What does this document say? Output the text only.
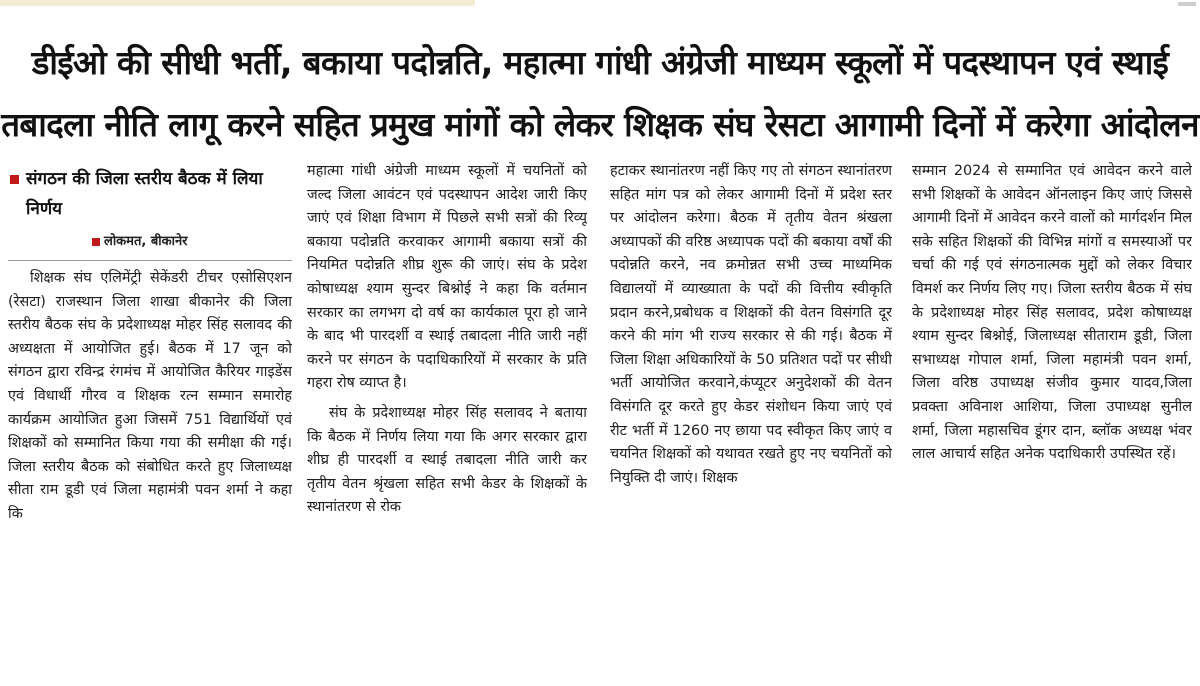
डीईओ की सीधी भर्ती, बकाया पदोन्नति, महात्मा गांधी अंग्रेजी माध्यम स्कूलों में पदस्थापन एवं स्थाई
तबादला नीति लागू करने सहित प्रमुख मांगों को लेकर शिक्षक संघ रेसटा आगामी दिनों में करेगा आंदोलन
संगठन की जिला स्तरीय बैठक में लिया निर्णय
लोकमत, बीकानेर

शिक्षक संघ एलिमेंट्री सेकेंडरी टीचर एसोसिएशन (रेसटा) राजस्थान जिला शाखा बीकानेर की जिला स्तरीय बैठक संघ के प्रदेशाध्यक्ष मोहर सिंह सलावद की अध्यक्षता में आयोजित हुई। बैठक में 17 जून को संगठन द्वारा रविन्द्र रंगमंच में आयोजित कैरियर गाइडेंस एवं विधार्थी गौरव व शिक्षक रत्न सम्मान समारोह कार्यक्रम आयोजित हुआ जिसमें 751 विद्यार्थियों एवं शिक्षकों को सम्मानित किया गया की समीक्षा की गई। जिला स्तरीय बैठक को संबोधित करते हुए जिलाध्यक्ष सीता राम डूडी एवं जिला महामंत्री पवन शर्मा ने कहा कि

महात्मा गांधी अंग्रेजी माध्यम स्कूलों में चयनितों को जल्द जिला आवंटन एवं पदस्थापन आदेश जारी किए जाएं एवं शिक्षा विभाग में पिछले सभी सत्रों की रिव्यू बकाया पदोन्नति करवाकर आगामी बकाया सत्रों की नियमित पदोन्नति शीघ्र शुरू की जाएं। संघ के प्रदेश कोषाध्यक्ष श्याम सुन्दर बिश्नोई ने कहा कि वर्तमान सरकार का लगभग दो वर्ष का कार्यकाल पूरा हो जाने के बाद भी पारदर्शी व स्थाई तबादला नीति जारी नहीं करने पर संगठन के पदाधिकारियों में सरकार के प्रति गहरा रोष व्याप्त है।

संघ के प्रदेशाध्यक्ष मोहर सिंह सलावद ने बताया कि बैठक में निर्णय लिया गया कि अगर सरकार द्वारा शीघ्र ही पारदर्शी व स्थाई तबादला नीति जारी कर तृतीय वेतन श्रृंखला सहित सभी केडर के शिक्षकों के स्थानांतरण से रोक

हटाकर स्थानांतरण नहीं किए गए तो संगठन स्थानांतरण सहित मांग पत्र को लेकर आगामी दिनों में प्रदेश स्तर पर आंदोलन करेगा। बैठक में तृतीय वेतन श्रंखला अध्यापकों की वरिष्ठ अध्यापक पदों की बकाया वर्षों की पदोन्नति करने, नव क्रमोन्नत सभी उच्च माध्यमिक विद्यालयों में व्याख्याता के पदों की वित्तीय स्वीकृति प्रदान करने,प्रबोधक व शिक्षकों की वेतन विसंगति दूर करने की मांग भी राज्य सरकार से की गई। बैठक में जिला शिक्षा अधिकारियों के 50 प्रतिशत पदों पर सीधी भर्ती आयोजित करवाने,कंप्यूटर अनुदेशकों की वेतन विसंगति दूर करते हुए केडर संशोधन किया जाएं एवं रीट भर्ती में 1260 नए छाया पद स्वीकृत किए जाएं व चयनित शिक्षकों को यथावत रखते हुए नए चयनितों को नियुक्ति दी जाएं। शिक्षक

सम्मान 2024 से सम्मानित एवं आवेदन करने वाले सभी शिक्षकों के आवेदन ऑनलाइन किए जाएं जिससे आगामी दिनों में आवेदन करने वालों को मार्गदर्शन मिल सके सहित शिक्षकों की विभिन्न मांगों व समस्याओं पर चर्चा की गई एवं संगठनात्मक मुद्दों को लेकर विचार विमर्श कर निर्णय लिए गए। जिला स्तरीय बैठक में संघ के प्रदेशाध्यक्ष मोहर सिंह सलावद, प्रदेश कोषाध्यक्ष श्याम सुन्दर बिश्नोई, जिलाध्यक्ष सीताराम डूडी, जिला सभाध्यक्ष गोपाल शर्मा, जिला महामंत्री पवन शर्मा, जिला वरिष्ठ उपाध्यक्ष संजीव कुमार यादव,जिला प्रवक्ता अविनाश आशिया, जिला उपाध्यक्ष सुनील शर्मा, जिला महासचिव डूंगर दान, ब्लॉक अध्यक्ष भंवर लाल आचार्य सहित अनेक पदाधिकारी उपस्थित रहें।
